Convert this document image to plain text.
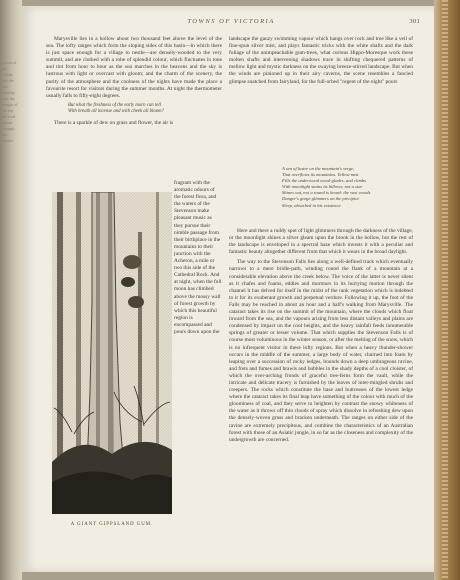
gation of the colony and the line running near the margin of the bay the road passes through the district
TOWNS OF VICTORIA	301

Marysville lies in a hollow about two thousand feet above the level of the sea. The lofty ranges which form the sloping sides of this basin—in which there is just space enough for a village to nestle—are densely-wooded to the very summit, and are clothed with a robe of splendid colour, which fluctuates in tone and tint from hour to hour as the sun marches in the heavens and the sky is lustrous with light or overcast with gloom; and the charm of the scenery, the purity of the atmosphere and the coolness of the nights have made the place a favourite resort for visitors during the summer months. At night the thermometer usually falls to fifty-eight degrees.

But what the freshness of the early morn can tell
With breath all incense and with cheek all bloom?

There is a sparkle of dew on grass and flower, the air is

fragrant with the aromatic odours of the forest flora, and the waters of the Stevenson make pleasant music as they pursue their nimble passage from their birthplace in the mountains to their junction with the Acheron, a mile or two this side of the Cathedral Rock. And at night, when the full moon has climbed above the mossy wall of forest growth by which this beautiful region is encompassed and pours down upon the

A GIANT GIPPSLAND GUM.

landscape the gauzy swimming vapour which hangs over rock and tree like a veil of fine-spun silver mist, and plays fantastic tricks with the white shafts and the dark foliage of the unimpeachable gum-trees, what curious Hippo-Moresque work these molten shafts and intervening shadows trace in shifting chequered patterns of mellow light and mystic darkness on the swaying breeze-stirred landscape. But when the winds are pinioned up in their airy caverns, the scene resembles a fancied glimpse snatched from fairyland, for the full-orbed "regent of the night" pours

A sea of lustre on the mountain's verge,
That overflows its mountains. Yellow mist
Fills the underwood wood-glades, and climbs
With moonlight stains its billows; not a star
Shines out, not a sound is heard: the vast woods
Danger's gorge glimmers on the precipice
Sleep, absorbed in his existence.

Here and there a ruddy spot of light glimmers through the darkness of the village, or the moonlight shines a silver gleam upon the brook in the hollow, but the rest of the landscape is enveloped in a spectral haze which invests it with a peculiar and fantastic beauty altogether different from that which it wears in the broad daylight.

The way to the Stevenson Falls lies along a well-defined track which eventually narrows to a mere bridle-path, winding round the flank of a mountain at a considerable elevation above the creek below. The voice of the latter is never silent as it chafes and foams, eddies and murmurs in its hurrying motion through the channel it has delved for itself in the midst of the rank vegetation which is indebted to it for its exuberant growth and perpetual verdure. Following it up, the foot of the Falls may be reached in about an hour and a half's walking from Marysville. The cataract takes its rise on the summit of the mountain, where the clouds which float inward from the sea, and the vapours arising from less distant valleys and plains are condensed by impact on the cool heights, and the heavy rainfall feeds innumerable springs of greater or lesser volume. That which supplies the Stevenson Falls is of course most voluminous in the winter season, or after the melting of the snow, which is no infrequent visitor in these lofty regions. But when a heavy thunder-shower occurs in the middle of the summer, a large body of water, churned into foam by leaping over a succession of rocky ledges, bounds down a deep umbrageous ravine, and frets and fumes and brawls and bubbles in the shady depths of a cool cloister, of which the over-arching fronds of graceful tree-ferns form the vault, while the intricate and delicate tracery is furnished by the leaves of inter-mingled shrubs and creepers. The rocks which constitute the base and buttresses of the lowest ledge where the cataract takes its final leap have something of the colour with much of the gloominess of coal, and they serve to heighten by contrast the snowy whiteness of the water as it throws off thin clouds of spray which dissolve in refreshing dew upon the densely-woven grass and bracken underneath. The ranges on either side of the ravine are extremely precipitous, and combine the characteristics of an Australian forest with those of an Asiatic jungle, in so far as the closeness and complexity of the undergrowth are concerned.
